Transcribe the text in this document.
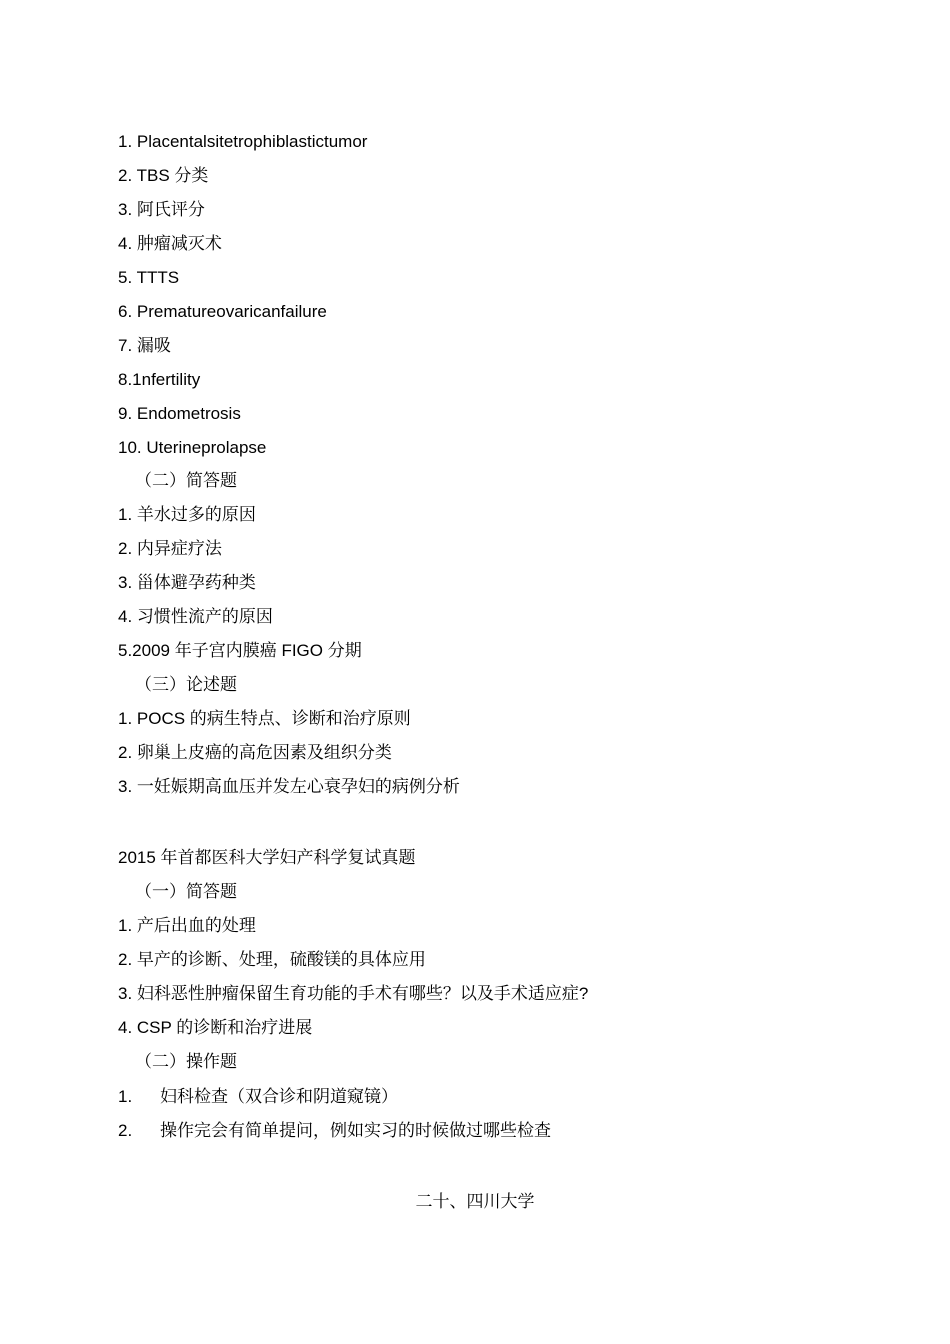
1. Placentalsitetrophiblastictumor
2. TBS 分类
3. 阿氏评分
4. 肿瘤减灭术
5. TTTS
6. Prematureovaricanfailure
7. 漏吸
8.1nfertility
9. Endometrosis
10. Uterineprolapse
（二）简答题
1. 羊水过多的原因
2. 内异症疗法
3. 甾体避孕药种类
4. 习惯性流产的原因
5.2009 年子宫内膜癌 FIGO 分期
（三）论述题
1. POCS 的病生特点、诊断和治疗原则
2. 卵巢上皮癌的高危因素及组织分类
3. 一妊娠期高血压并发左心衰孕妇的病例分析
2015 年首都医科大学妇产科学复试真题
（一）简答题
1. 产后出血的处理
2. 早产的诊断、处理，硫酸镁的具体应用
3. 妇科恶性肿瘤保留生育功能的手术有哪些？以及手术适应症?
4. CSP 的诊断和治疗进展
（二）操作题
1. 妇科检查（双合诊和阴道窥镜）
2. 操作完会有简单提问，例如实习的时候做过哪些检查
二十、四川大学
